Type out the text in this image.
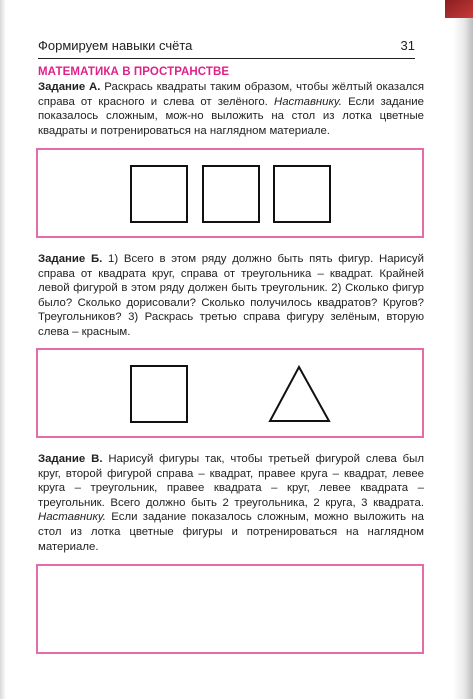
Формируем навыки счёта	31
МАТЕМАТИКА В ПРОСТРАНСТВЕ
Задание А. Раскрась квадраты таким образом, чтобы жёлтый оказался справа от красного и слева от зелёного. Наставнику. Если задание показалось сложным, мож-но выложить на стол из лотка цветные квадраты и потренироваться на наглядном материале.
Задание Б. 1) Всего в этом ряду должно быть пять фигур. Нарисуй справа от квадрата круг, справа от треугольника – квадрат. Крайней левой фигурой в этом ряду должен быть треугольник. 2) Сколько фигур было? Сколько дорисовали? Сколько получилось квадратов? Кругов? Треугольников? 3) Раскрась третью справа фигуру зелёным, вторую слева – красным.
Задание В. Нарисуй фигуры так, чтобы третьей фигурой слева был круг, второй фигурой справа – квадрат, правее круга – квадрат, левее круга – треугольник, правее квадрата – круг, левее квадрата – треугольник. Всего должно быть 2 треугольника, 2 круга, 3 квадрата. Наставнику. Если задание показалось сложным, можно выложить на стол из лотка цветные фигуры и потренироваться на наглядном материале.
